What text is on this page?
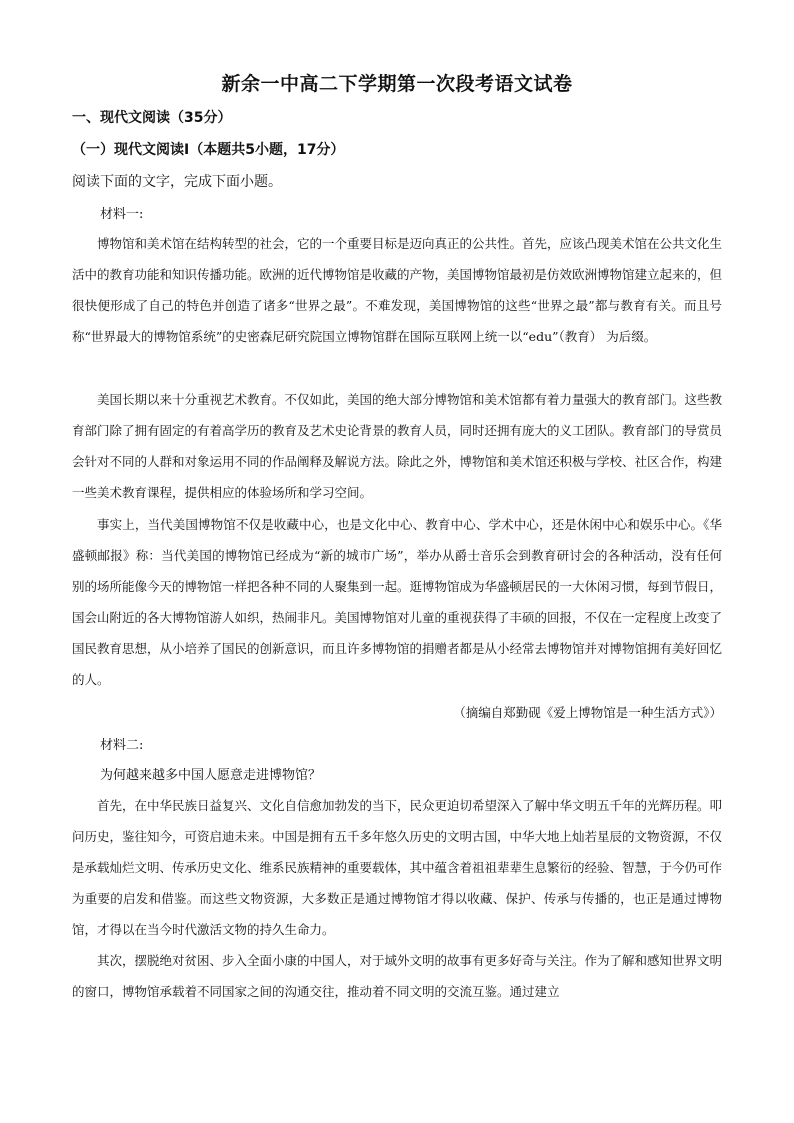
新余一中高二下学期第一次段考语文试卷
一、现代文阅读（35分）
（一）现代文阅读Ⅰ（本题共5小题，17分）
阅读下面的文字，完成下面小题。
材料一:

博物馆和美术馆在结构转型的社会，它的一个重要目标是迈向真正的公共性。首先，应该凸现美术馆在公共文化生活中的教育功能和知识传播功能。欧洲的近代博物馆是收藏的产物，美国博物馆最初是仿效欧洲博物馆建立起来的，但很快便形成了自己的特色并创造了诸多“世界之最”。不难发现，美国博物馆的这些“世界之最”都与教育有关。而且号称“世界最大的博物馆系统”的史密森尼研究院国立博物馆群在国际互联网上统一以“edu”（教育） 为后缀。

美国长期以来十分重视艺术教育。不仅如此，美国的绝大部分博物馆和美术馆都有着力量强大的教育部门。这些教育部门除了拥有固定的有着高学历的教育及艺术史论背景的教育人员，同时还拥有庞大的义工团队。教育部门的导赏员会针对不同的人群和对象运用不同的作品阐释及解说方法。除此之外，博物馆和美术馆还积极与学校、社区合作，构建一些美术教育课程，提供相应的体验场所和学习空间。

事实上，当代美国博物馆不仅是收藏中心，也是文化中心、教育中心、学术中心，还是休闲中心和娱乐中心。《华盛顿邮报》称：当代美国的博物馆已经成为“新的城市广场”，举办从爵士音乐会到教育研讨会的各种活动，没有任何别的场所能像今天的博物馆一样把各种不同的人聚集到一起。逛博物馆成为华盛顿居民的一大休闲习惯，每到节假日，国会山附近的各大博物馆游人如织，热闹非凡。美国博物馆对儿童的重视获得了丰硕的回报，不仅在一定程度上改变了国民教育思想，从小培养了国民的创新意识，而且许多博物馆的捐赠者都是从小经常去博物馆并对博物馆拥有美好回忆的人。

（摘编自郑勤砚《爱上博物馆是一种生活方式》）
材料二:
为何越来越多中国人愿意走进博物馆？

首先，在中华民族日益复兴、文化自信愈加勃发的当下，民众更迫切希望深入了解中华文明五千年的光辉历程。叩问历史，鉴往知今，可资启迪未来。中国是拥有五千多年悠久历史的文明古国，中华大地上灿若星辰的文物资源，不仅是承载灿烂文明、传承历史文化、维系民族精神的重要载体，其中蕴含着祖祖辈辈生息繁衍的经验、智慧，于今仍可作为重要的启发和借鉴。而这些文物资源，大多数正是通过博物馆才得以收藏、保护、传承与传播的，也正是通过博物馆，才得以在当今时代激活文物的持久生命力。

其次，摆脱绝对贫困、步入全面小康的中国人，对于域外文明的故事有更多好奇与关注。作为了解和感知世界文明的窗口，博物馆承载着不同国家之间的沟通交往，推动着不同文明的交流互鉴。通过建立
